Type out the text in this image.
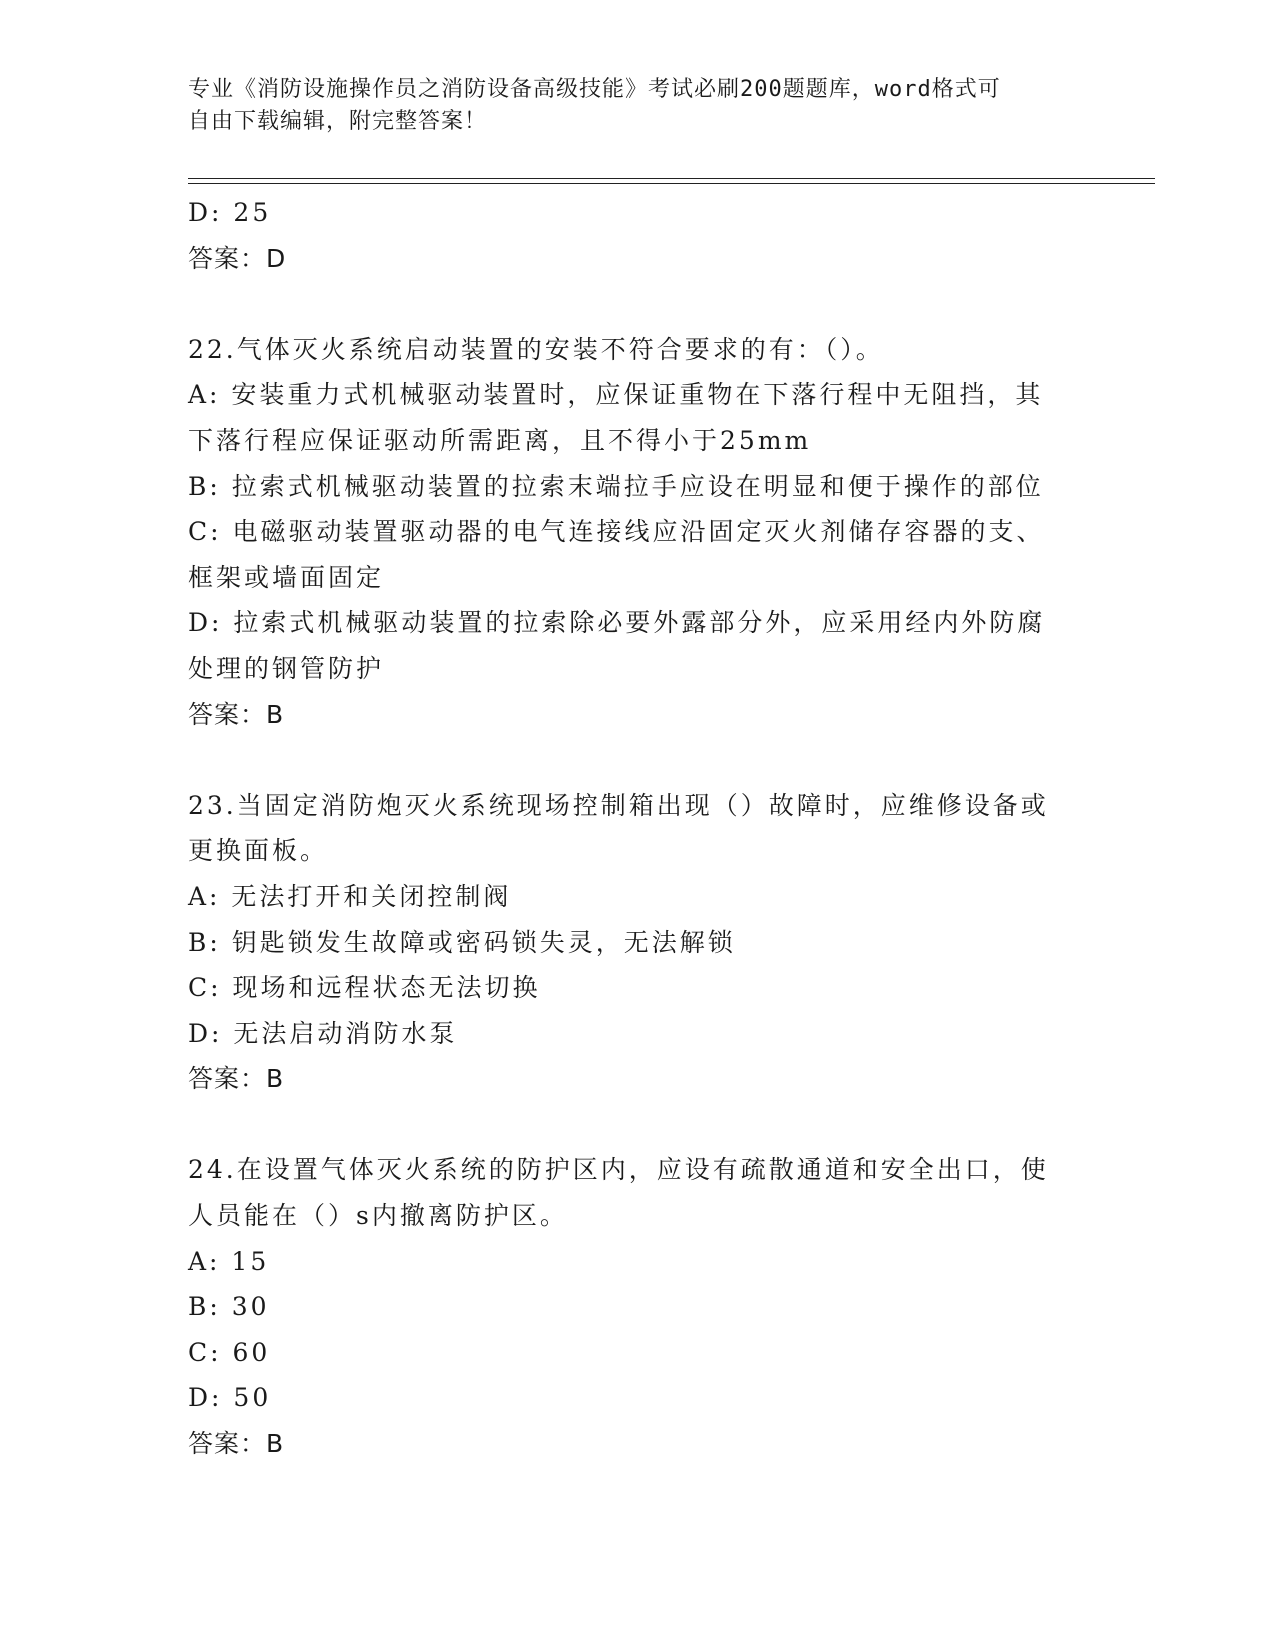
专业《消防设施操作员之消防设备高级技能》考试必刷200题题库，word格式可
自由下载编辑，附完整答案！
D: 25
答案：D
22.气体灭火系统启动装置的安装不符合要求的有：（）。
A: 安装重力式机械驱动装置时，应保证重物在下落行程中无阻挡，其
下落行程应保证驱动所需距离，且不得小于25mm
B: 拉索式机械驱动装置的拉索末端拉手应设在明显和便于操作的部位
C: 电磁驱动装置驱动器的电气连接线应沿固定灭火剂储存容器的支、
框架或墙面固定
D: 拉索式机械驱动装置的拉索除必要外露部分外，应采用经内外防腐
处理的钢管防护
答案：B
23.当固定消防炮灭火系统现场控制箱出现（）故障时，应维修设备或
更换面板。
A: 无法打开和关闭控制阀
B: 钥匙锁发生故障或密码锁失灵，无法解锁
C: 现场和远程状态无法切换
D: 无法启动消防水泵
答案：B
24.在设置气体灭火系统的防护区内，应设有疏散通道和安全出口，使
人员能在（）s内撤离防护区。
A: 15
B: 30
C: 60
D: 50
答案：B
